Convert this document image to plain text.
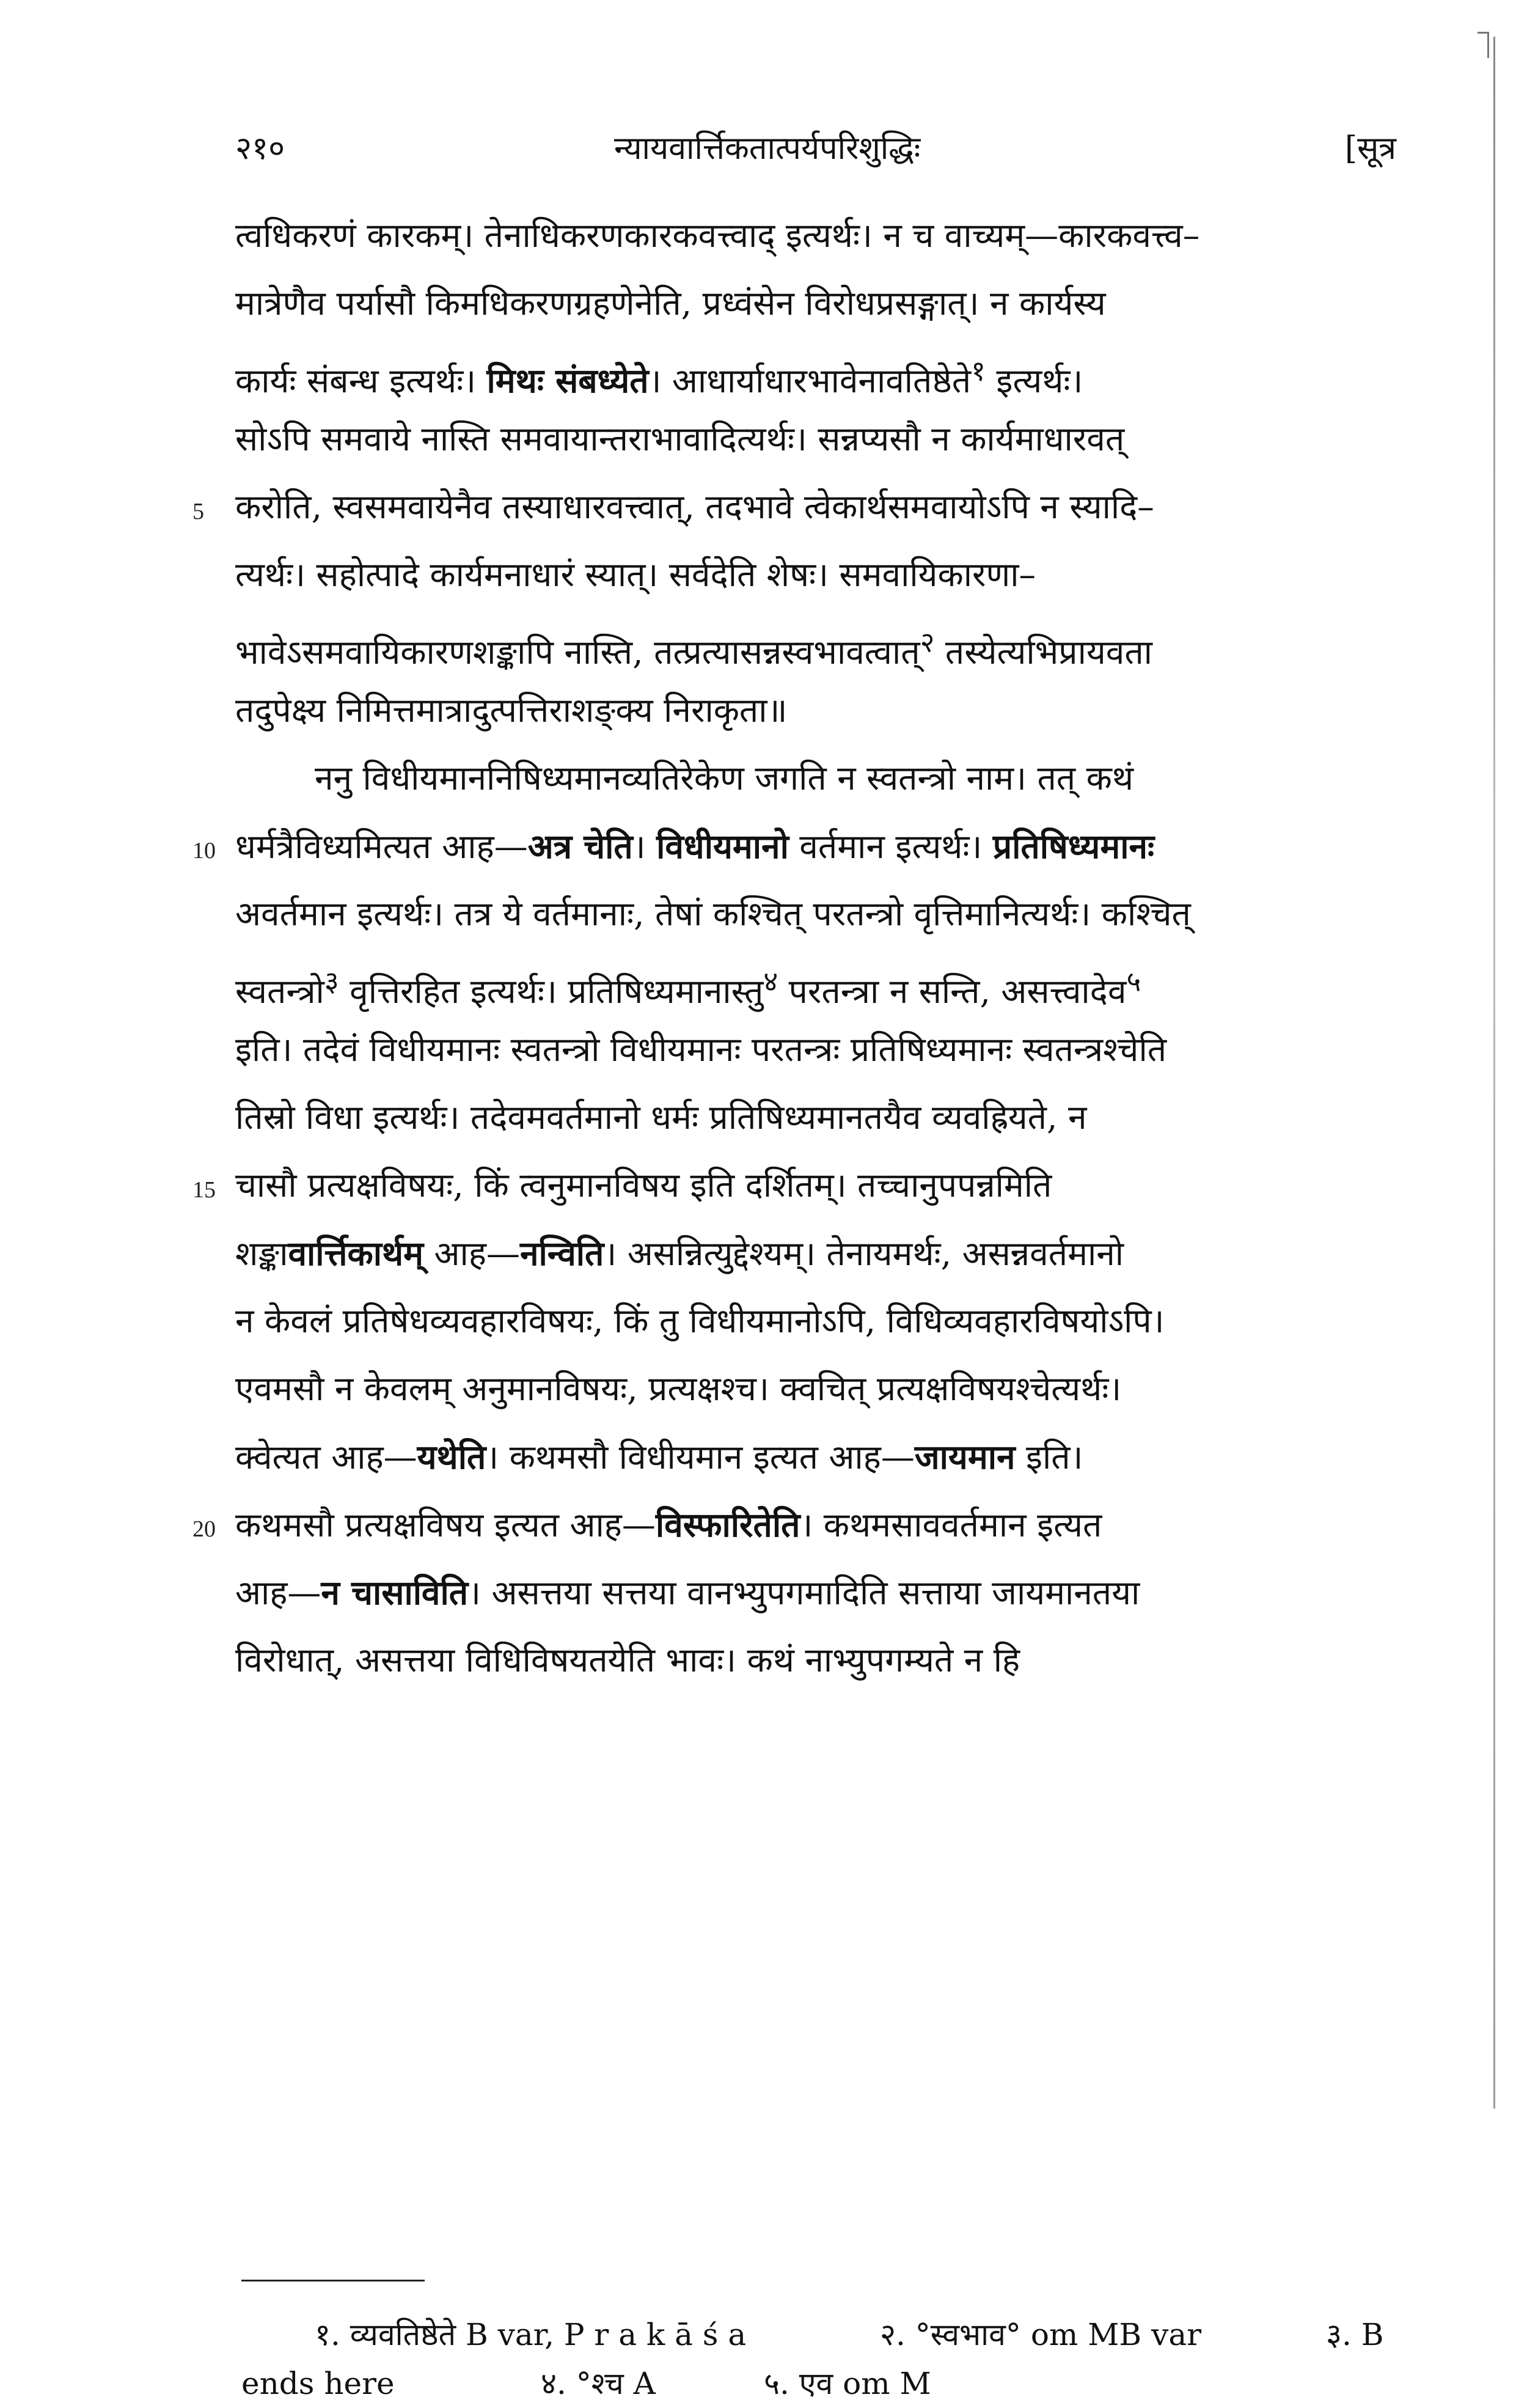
२१०	न्यायवार्त्तिकतात्पर्यपरिशुद्धिः	[सूत्र
त्वधिकरणं कारकम्। तेनाधिकरणकारकवत्त्वाद् इत्यर्थः। न च वाच्यम्—कारकवत्त्व–
मात्रेणैव पर्यासौ किमधिकरणग्रहणेनेति, प्रध्वंसेन विरोधप्रसङ्गात्। न कार्यस्य
कार्यः संबन्ध इत्यर्थः। मिथः संबध्येते। आधार्याधारभावेनावतिष्ठेते$^१$ इत्यर्थः।
सोऽपि समवाये नास्ति समवायान्तराभावादित्यर्थः। सन्नप्यसौ न कार्यमाधारवत्
5 करोति, स्वसमवायेनैव तस्याधारवत्त्वात्, तदभावे त्वेकार्थसमवायोऽपि न स्यादि–
त्यर्थः। सहोत्पादे कार्यमनाधारं स्यात्। सर्वदेति शेषः। समवायिकारणा–
भावेऽसमवायिकारणशङ्कापि नास्ति, तत्प्रत्यासन्नस्वभावत्वात्$^२$ तस्येत्यभिप्रायवता
तदुपेक्ष्य निमित्तमात्रादुत्पत्तिराशङ्क्य निराकृता॥
ननु विधीयमाननिषिध्यमानव्यतिरेकेण जगति न स्वतन्त्रो नाम। तत् कथं
10 धर्मत्रैविध्यमित्यत आह—अत्र चेति। विधीयमानो वर्तमान इत्यर्थः। प्रतिषिध्यमानः
अवर्तमान इत्यर्थः। तत्र ये वर्तमानाः, तेषां कश्चित् परतन्त्रो वृत्तिमानित्यर्थः। कश्चित्
स्वतन्त्रो$^३$ वृत्तिरहित इत्यर्थः। प्रतिषिध्यमानास्तु$^४$ परतन्त्रा न सन्ति, असत्त्वादेव$^५$
इति। तदेवं विधीयमानः स्वतन्त्रो विधीयमानः परतन्त्रः प्रतिषिध्यमानः स्वतन्त्रश्चेति
तिस्रो विधा इत्यर्थः। तदेवमवर्तमानो धर्मः प्रतिषिध्यमानतयैव व्यवह्रियते, न
15 चासौ प्रत्यक्षविषयः, किं त्वनुमानविषय इति दर्शितम्। तच्चानुपपन्नमिति
शङ्कावार्त्तिकार्थम् आह—नन्विति। असन्नित्युद्देश्यम्। तेनायमर्थः, असन्नवर्तमानो
न केवलं प्रतिषेधव्यवहारविषयः, किं तु विधीयमानोऽपि, विधिव्यवहारविषयोऽपि।
एवमसौ न केवलम् अनुमानविषयः, प्रत्यक्षश्च। क्वचित् प्रत्यक्षविषयश्चेत्यर्थः।
क्वेत्यत आह—यथेति। कथमसौ विधीयमान इत्यत आह—जायमान इति।
20 कथमसौ प्रत्यक्षविषय इत्यत आह—विस्फारितेति। कथमसाववर्तमान इत्यत
आह—न चासाविति। असत्तया सत्तया वानभ्युपगमादिति सत्ताया जायमानतया
विरोधात्, असत्तया विधिविषयतयेति भावः। कथं नाभ्युपगम्यते न हि
१. व्यवतिष्ठेते B var, P r a k ā ś a	२. °स्वभाव° om MB var	३. B
ends here	४. °श्च A	५. एव om M
